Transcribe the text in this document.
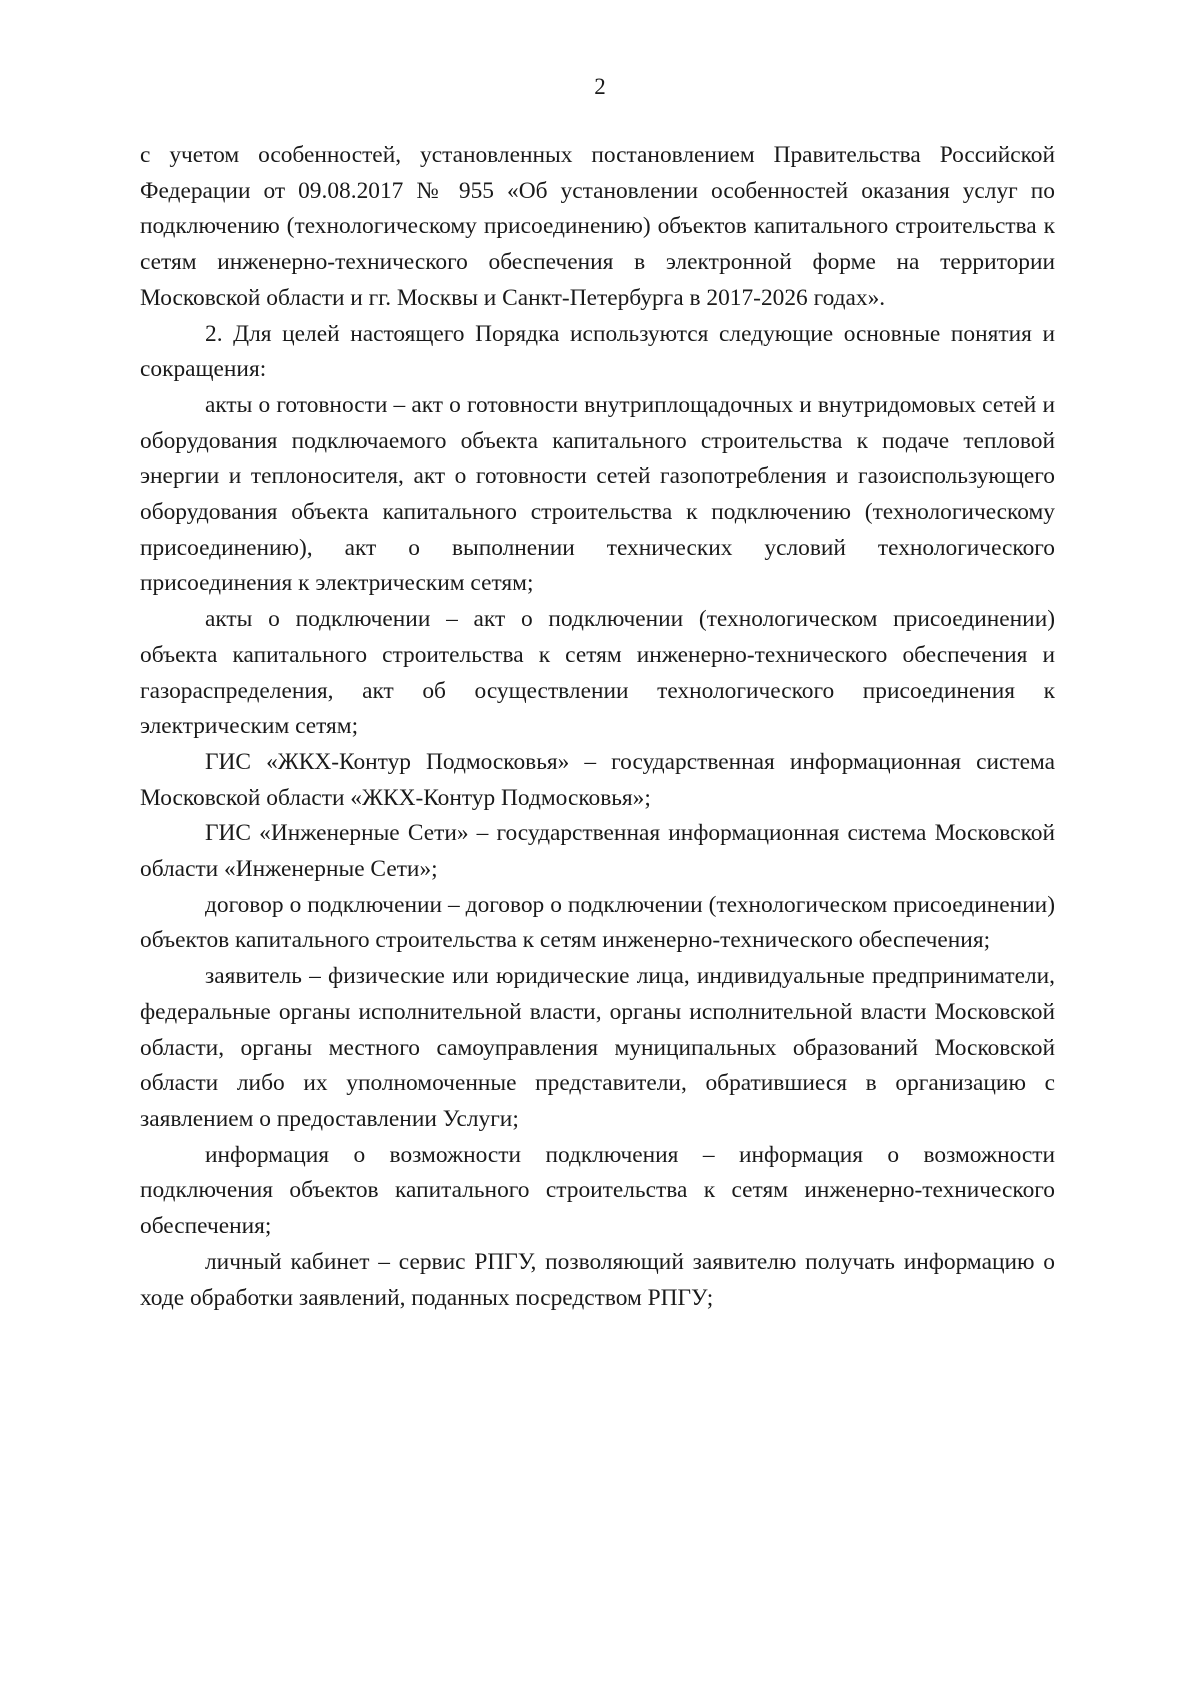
2

с учетом особенностей, установленных постановлением Правительства Российской Федерации от 09.08.2017 № 955 «Об установлении особенностей оказания услуг по подключению (технологическому присоединению) объектов капитального строительства к сетям инженерно-технического обеспечения в электронной форме на территории Московской области и гг. Москвы и Санкт-Петербурга в 2017-2026 годах».

2. Для целей настоящего Порядка используются следующие основные понятия и сокращения:

акты о готовности – акт о готовности внутриплощадочных и внутридомовых сетей и оборудования подключаемого объекта капитального строительства к подаче тепловой энергии и теплоносителя, акт о готовности сетей газопотребления и газоиспользующего оборудования объекта капитального строительства к подключению (технологическому присоединению), акт о выполнении технических условий технологического присоединения к электрическим сетям;

акты о подключении – акт о подключении (технологическом присоединении) объекта капитального строительства к сетям инженерно-технического обеспечения и газораспределения, акт об осуществлении технологического присоединения к электрическим сетям;

ГИС «ЖКХ-Контур Подмосковья» – государственная информационная система Московской области «ЖКХ-Контур Подмосковья»;

ГИС «Инженерные Сети» – государственная информационная система Московской области «Инженерные Сети»;

договор о подключении – договор о подключении (технологическом присоединении) объектов капитального строительства к сетям инженерно-технического обеспечения;

заявитель – физические или юридические лица, индивидуальные предприниматели, федеральные органы исполнительной власти, органы исполнительной власти Московской области, органы местного самоуправления муниципальных образований Московской области либо их уполномоченные представители, обратившиеся в организацию с заявлением о предоставлении Услуги;

информация о возможности подключения – информация о возможности подключения объектов капитального строительства к сетям инженерно-технического обеспечения;

личный кабинет – сервис РПГУ, позволяющий заявителю получать информацию о ходе обработки заявлений, поданных посредством РПГУ;
